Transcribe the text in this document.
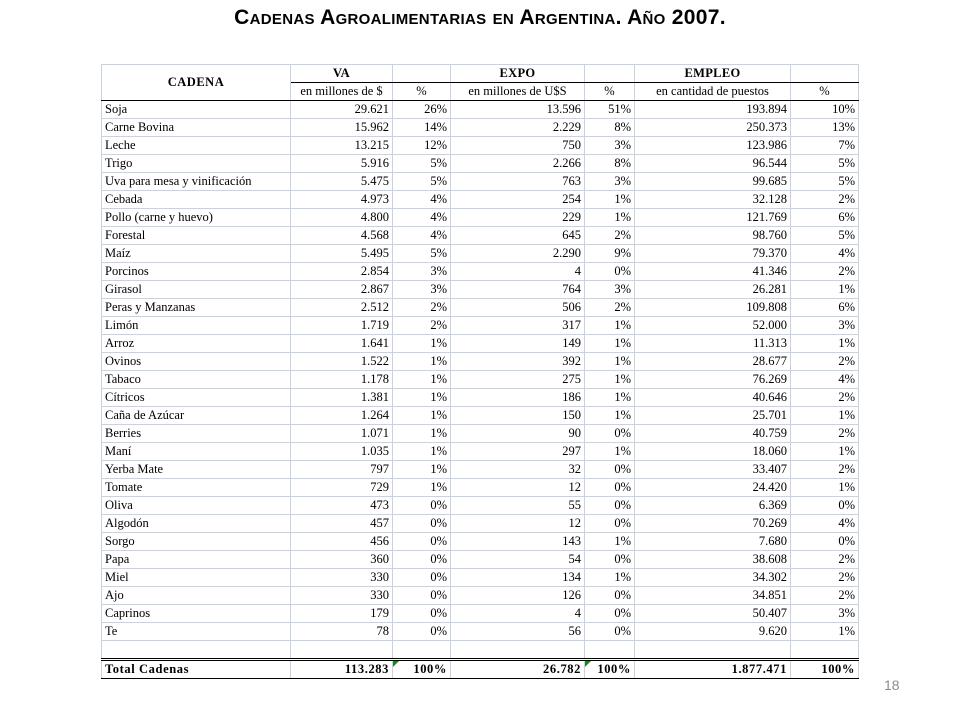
Cadenas Agroalimentarias en Argentina. Año 2007.
CADENA	VA		EXPO		EMPLEO	
	en millones de $	%	en millones de U$S	%	en cantidad de puestos	%
Soja	29.621	26%	13.596	51%	193.894	10%
Carne Bovina	15.962	14%	2.229	8%	250.373	13%
Leche	13.215	12%	750	3%	123.986	7%
Trigo	5.916	5%	2.266	8%	96.544	5%
Uva para mesa y vinificación	5.475	5%	763	3%	99.685	5%
Cebada	4.973	4%	254	1%	32.128	2%
Pollo (carne y huevo)	4.800	4%	229	1%	121.769	6%
Forestal	4.568	4%	645	2%	98.760	5%
Maíz	5.495	5%	2.290	9%	79.370	4%
Porcinos	2.854	3%	4	0%	41.346	2%
Girasol	2.867	3%	764	3%	26.281	1%
Peras y Manzanas	2.512	2%	506	2%	109.808	6%
Limón	1.719	2%	317	1%	52.000	3%
Arroz	1.641	1%	149	1%	11.313	1%
Ovinos	1.522	1%	392	1%	28.677	2%
Tabaco	1.178	1%	275	1%	76.269	4%
Cítricos	1.381	1%	186	1%	40.646	2%
Caña de Azúcar	1.264	1%	150	1%	25.701	1%
Berries	1.071	1%	90	0%	40.759	2%
Maní	1.035	1%	297	1%	18.060	1%
Yerba Mate	797	1%	32	0%	33.407	2%
Tomate	729	1%	12	0%	24.420	1%
Oliva	473	0%	55	0%	6.369	0%
Algodón	457	0%	12	0%	70.269	4%
Sorgo	456	0%	143	1%	7.680	0%
Papa	360	0%	54	0%	38.608	2%
Miel	330	0%	134	1%	34.302	2%
Ajo	330	0%	126	0%	34.851	2%
Caprinos	179	0%	4	0%	50.407	3%
Te	78	0%	56	0%	9.620	1%

Total Cadenas	113.283	100%	26.782	100%	1.877.471	100%
18
